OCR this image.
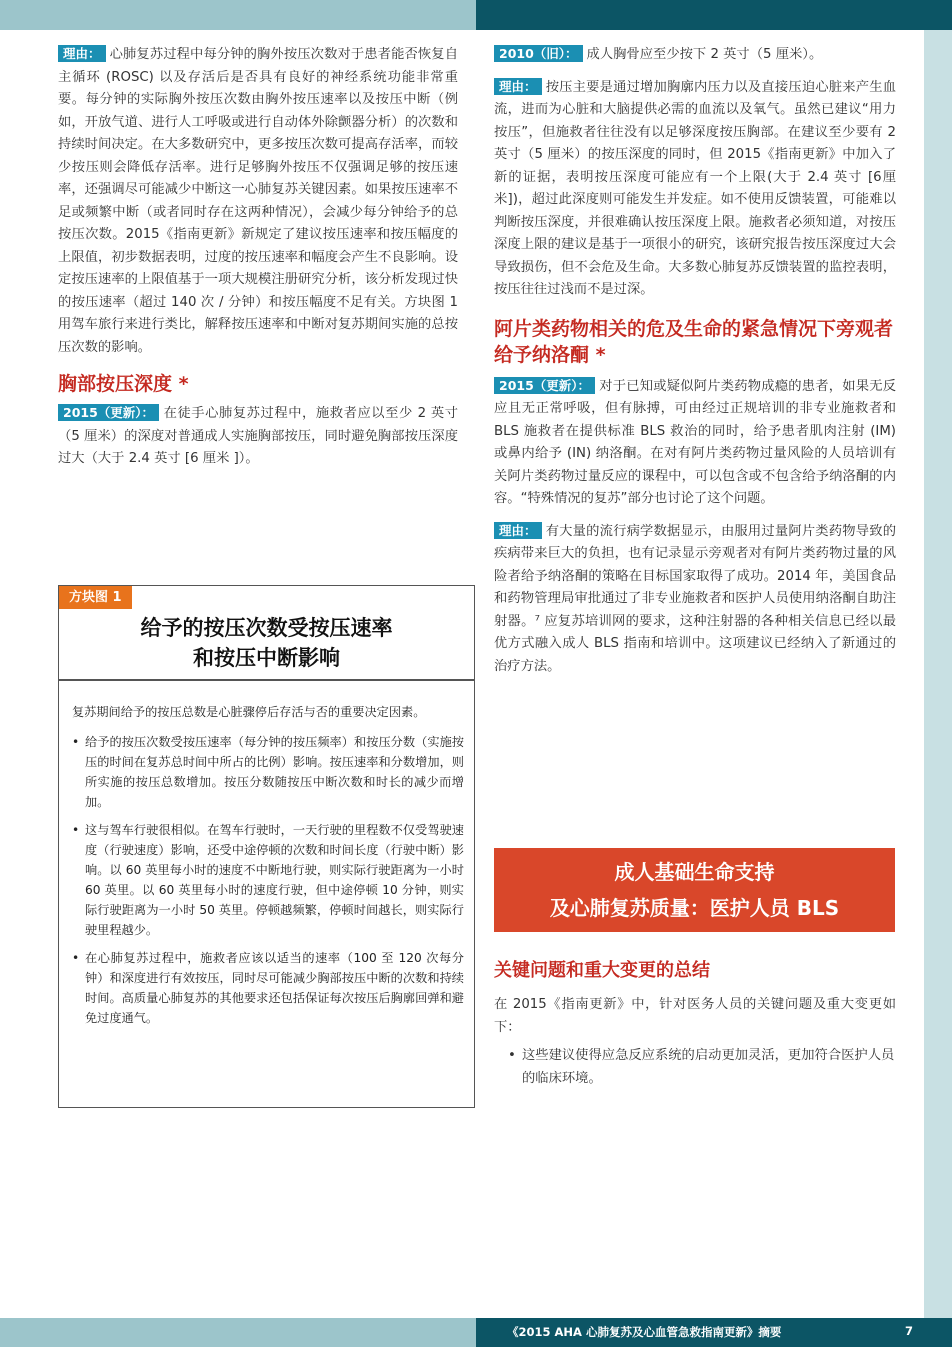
理由： 心肺复苏过程中每分钟的胸外按压次数对于患者能否恢复自主循环 (ROSC) 以及存活后是否具有良好的神经系统功能非常重要。每分钟的实际胸外按压次数由胸外按压速率以及按压中断（例如，开放气道、进行人工呼吸或进行自动体外除颤器分析）的次数和持续时间决定。在大多数研究中，更多按压次数可提高存活率，而较少按压则会降低存活率。进行足够胸外按压不仅强调足够的按压速率，还强调尽可能减少中断这一心肺复苏关键因素。如果按压速率不足或频繁中断（或者同时存在这两种情况），会减少每分钟给予的总按压次数。2015《指南更新》新规定了建议按压速率和按压幅度的上限值，初步数据表明，过度的按压速率和幅度会产生不良影响。设定按压速率的上限值基于一项大规模注册研究分析，该分析发现过快的按压速率（超过 140 次 / 分钟）和按压幅度不足有关。方块图 1 用驾车旅行来进行类比，解释按压速率和中断对复苏期间实施的总按压次数的影响。

胸部按压深度 *

2015（更新）： 在徒手心肺复苏过程中，施救者应以至少 2 英寸（5 厘米）的深度对普通成人实施胸部按压，同时避免胸部按压深度过大（大于 2.4 英寸 [6 厘米 ]）。

方块图 1
给予的按压次数受按压速率
和按压中断影响

复苏期间给予的按压总数是心脏骤停后存活与否的重要决定因素。

• 给予的按压次数受按压速率（每分钟的按压频率）和按压分数（实施按压的时间在复苏总时间中所占的比例）影响。按压速率和分数增加，则所实施的按压总数增加。按压分数随按压中断次数和时长的减少而增加。
• 这与驾车行驶很相似。在驾车行驶时，一天行驶的里程数不仅受驾驶速度（行驶速度）影响，还受中途停顿的次数和时间长度（行驶中断）影响。以 60 英里每小时的速度不中断地行驶，则实际行驶距离为一小时 60 英里。以 60 英里每小时的速度行驶，但中途停顿 10 分钟，则实际行驶距离为一小时 50 英里。停顿越频繁，停顿时间越长，则实际行驶里程越少。
• 在心肺复苏过程中，施救者应该以适当的速率（100 至 120 次每分钟）和深度进行有效按压，同时尽可能减少胸部按压中断的次数和持续时间。高质量心肺复苏的其他要求还包括保证每次按压后胸廓回弹和避免过度通气。

2010（旧）： 成人胸骨应至少按下 2 英寸（5 厘米）。

理由： 按压主要是通过增加胸廓内压力以及直接压迫心脏来产生血流，进而为心脏和大脑提供必需的血流以及氧气。虽然已建议“用力按压”，但施救者往往没有以足够深度按压胸部。在建议至少要有 2 英寸（5 厘米）的按压深度的同时，但 2015《指南更新》中加入了新的证据，表明按压深度可能应有一个上限(大于 2.4 英寸 [6厘米])，超过此深度则可能发生并发症。如不使用反馈装置，可能难以判断按压深度，并很难确认按压深度上限。施救者必须知道，对按压深度上限的建议是基于一项很小的研究，该研究报告按压深度过大会导致损伤，但不会危及生命。大多数心肺复苏反馈装置的监控表明，按压往往过浅而不是过深。

阿片类药物相关的危及生命的紧急情况下旁观者给予纳洛酮 *

2015（更新）： 对于已知或疑似阿片类药物成瘾的患者，如果无反应且无正常呼吸，但有脉搏，可由经过正规培训的非专业施救者和 BLS 施救者在提供标准 BLS 救治的同时，给予患者肌肉注射 (IM) 或鼻内给予 (IN) 纳洛酮。在对有阿片类药物过量风险的人员培训有关阿片类药物过量反应的课程中，可以包含或不包含给予纳洛酮的内容。“特殊情况的复苏”部分也讨论了这个问题。

理由： 有大量的流行病学数据显示，由服用过量阿片类药物导致的疾病带来巨大的负担，也有记录显示旁观者对有阿片类药物过量的风险者给予纳洛酮的策略在目标国家取得了成功。2014 年，美国食品和药物管理局审批通过了非专业施救者和医护人员使用纳洛酮自助注射器。⁷ 应复苏培训网的要求，这种注射器的各种相关信息已经以最优方式融入成人 BLS 指南和培训中。这项建议已经纳入了新通过的治疗方法。

成人基础生命支持
及心肺复苏质量：医护人员 BLS
关键问题和重大变更的总结

在 2015《指南更新》中，针对医务人员的关键问题及重大变更如下：

• 这些建议使得应急反应系统的启动更加灵活，更加符合医护人员的临床环境。
《2015 AHA 心肺复苏及心血管急救指南更新》摘要	7
